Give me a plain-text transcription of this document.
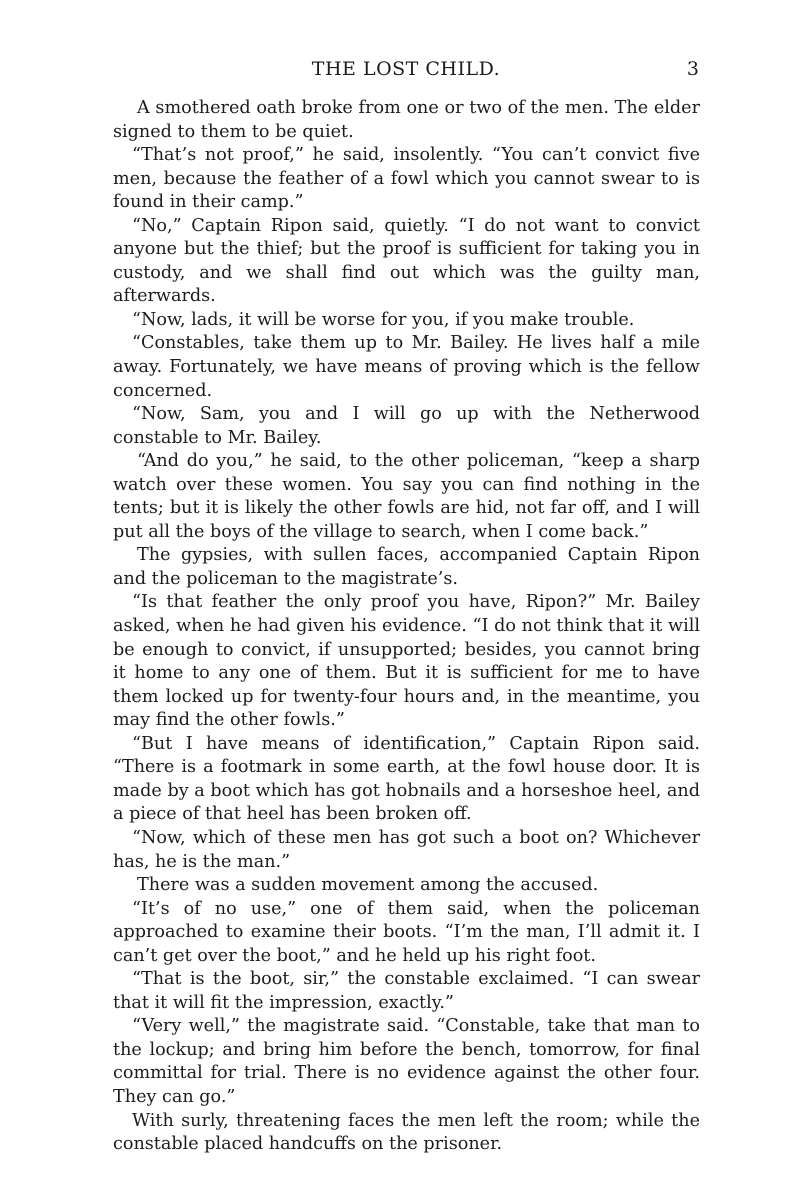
THE LOST CHILD.	3

A smothered oath broke from one or two of the men. The elder signed to them to be quiet.

“That’s not proof,” he said, insolently. “You can’t convict five men, because the feather of a fowl which you cannot swear to is found in their camp.”

“No,” Captain Ripon said, quietly. “I do not want to convict anyone but the thief; but the proof is sufficient for taking you in custody, and we shall find out which was the guilty man, afterwards.

“Now, lads, it will be worse for you, if you make trouble.

“Constables, take them up to Mr. Bailey. He lives half a mile away. Fortunately, we have means of proving which is the fellow concerned.

“Now, Sam, you and I will go up with the Netherwood constable to Mr. Bailey.

“And do you,” he said, to the other policeman, “keep a sharp watch over these women. You say you can find nothing in the tents; but it is likely the other fowls are hid, not far off, and I will put all the boys of the village to search, when I come back.”

The gypsies, with sullen faces, accompanied Captain Ripon and the policeman to the magistrate’s.

“Is that feather the only proof you have, Ripon?” Mr. Bailey asked, when he had given his evidence. “I do not think that it will be enough to convict, if unsupported; besides, you cannot bring it home to any one of them. But it is sufficient for me to have them locked up for twenty-four hours and, in the meantime, you may find the other fowls.”

“But I have means of identification,” Captain Ripon said. “There is a footmark in some earth, at the fowl house door. It is made by a boot which has got hobnails and a horseshoe heel, and a piece of that heel has been broken off.

“Now, which of these men has got such a boot on? Whichever has, he is the man.”

There was a sudden movement among the accused.

“It’s of no use,” one of them said, when the policeman approached to examine their boots. “I’m the man, I’ll admit it. I can’t get over the boot,” and he held up his right foot.

“That is the boot, sir,” the constable exclaimed. “I can swear that it will fit the impression, exactly.”

“Very well,” the magistrate said. “Constable, take that man to the lockup; and bring him before the bench, tomorrow, for final committal for trial. There is no evidence against the other four. They can go.”

With surly, threatening faces the men left the room; while the constable placed handcuffs on the prisoner.
